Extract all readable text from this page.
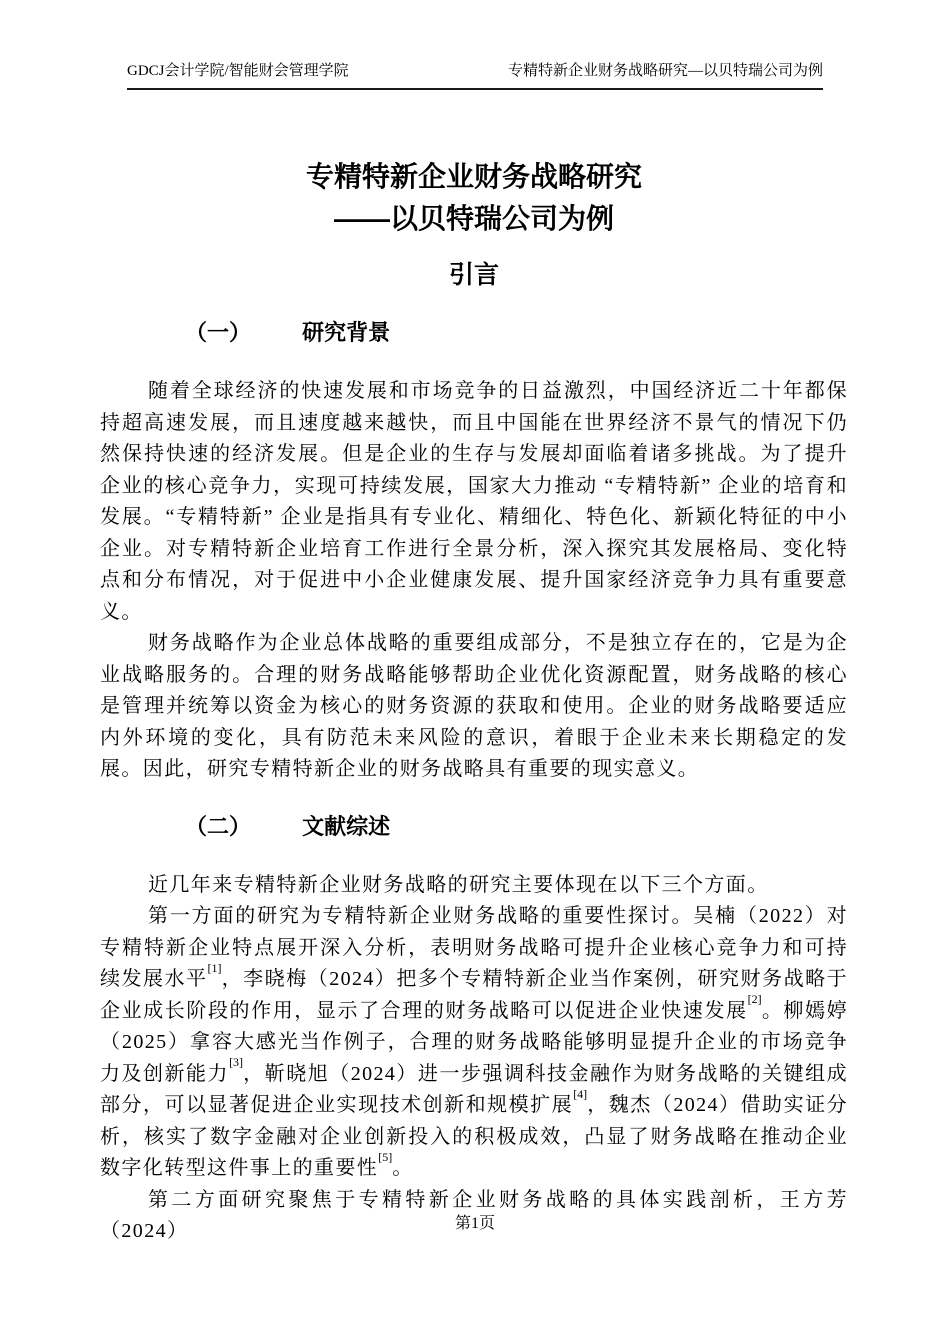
GDCJ会计学院/智能财会管理学院	专精特新企业财务战略研究—以贝特瑞公司为例
专精特新企业财务战略研究
——以贝特瑞公司为例
引言
（一） 研究背景

随着全球经济的快速发展和市场竞争的日益激烈，中国经济近二十年都保持超高速发展，而且速度越来越快，而且中国能在世界经济不景气的情况下仍然保持快速的经济发展。但是企业的生存与发展却面临着诸多挑战。为了提升企业的核心竞争力，实现可持续发展，国家大力推动 “专精特新” 企业的培育和发展。“专精特新” 企业是指具有专业化、精细化、特色化、新颖化特征的中小企业。对专精特新企业培育工作进行全景分析，深入探究其发展格局、变化特点和分布情况，对于促进中小企业健康发展、提升国家经济竞争力具有重要意义。

财务战略作为企业总体战略的重要组成部分，不是独立存在的，它是为企业战略服务的。合理的财务战略能够帮助企业优化资源配置，财务战略的核心是管理并统筹以资金为核心的财务资源的获取和使用。企业的财务战略要适应内外环境的变化，具有防范未来风险的意识，着眼于企业未来长期稳定的发展。因此，研究专精特新企业的财务战略具有重要的现实意义。

（二） 文献综述

近几年来专精特新企业财务战略的研究主要体现在以下三个方面。

第一方面的研究为专精特新企业财务战略的重要性探讨。吴楠（2022）对专精特新企业特点展开深入分析，表明财务战略可提升企业核心竞争力和可持续发展水平[1]，李晓梅（2024）把多个专精特新企业当作案例，研究财务战略于企业成长阶段的作用，显示了合理的财务战略可以促进企业快速发展[2]。柳嫣婷（2025）拿容大感光当作例子，合理的财务战略能够明显提升企业的市场竞争力及创新能力[3]，靳晓旭（2024）进一步强调科技金融作为财务战略的关键组成部分，可以显著促进企业实现技术创新和规模扩展[4]，魏杰（2024）借助实证分析，核实了数字金融对企业创新投入的积极成效，凸显了财务战略在推动企业数字化转型这件事上的重要性[5]。

第二方面研究聚焦于专精特新企业财务战略的具体实践剖析，王方芳（2024）	第1页
